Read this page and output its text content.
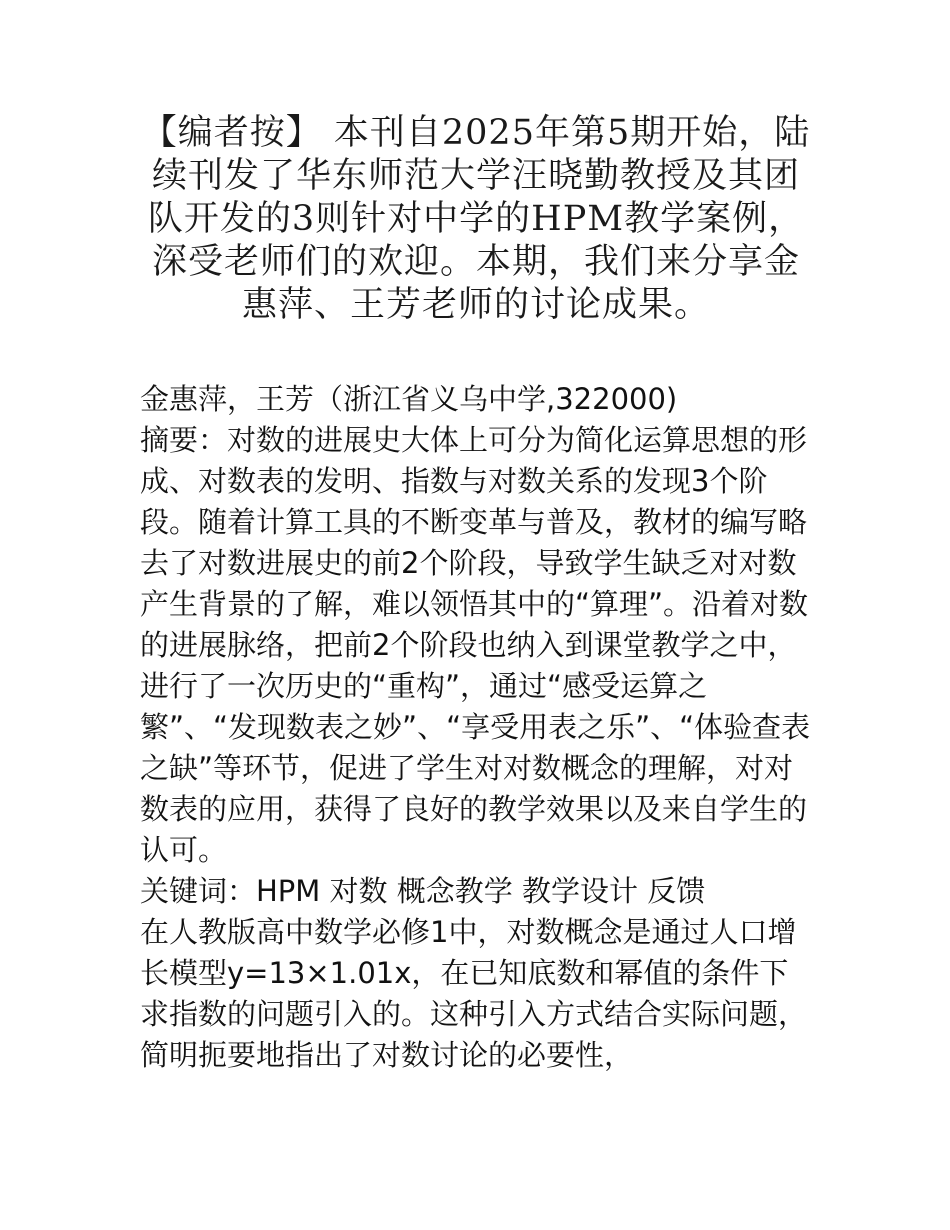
【编者按】 本刊自2025年第5期开始，陆续刊发了华东师范大学汪晓勤教授及其团队开发的3则针对中学的HPM教学案例，深受老师们的欢迎。本期，我们来分享金惠萍、王芳老师的讨论成果。

金惠萍，王芳（浙江省义乌中学,322000)

摘要：对数的进展史大体上可分为简化运算思想的形成、对数表的发明、指数与对数关系的发现3个阶段。随着计算工具的不断变革与普及，教材的编写略去了对数进展史的前2个阶段，导致学生缺乏对对数产生背景的了解，难以领悟其中的“算理”。沿着对数的进展脉络，把前2个阶段也纳入到课堂教学之中，进行了一次历史的“重构”，通过“感受运算之繁”、“发现数表之妙”、“享受用表之乐”、“体验查表之缺”等环节，促进了学生对对数概念的理解，对对数表的应用，获得了良好的教学效果以及来自学生的认可。

关键词：HPM 对数 概念教学 教学设计 反馈

在人教版高中数学必修1中，对数概念是通过人口增长模型y=13×1.01x，在已知底数和幂值的条件下求指数的问题引入的。这种引入方式结合实际问题，简明扼要地指出了对数讨论的必要性，
